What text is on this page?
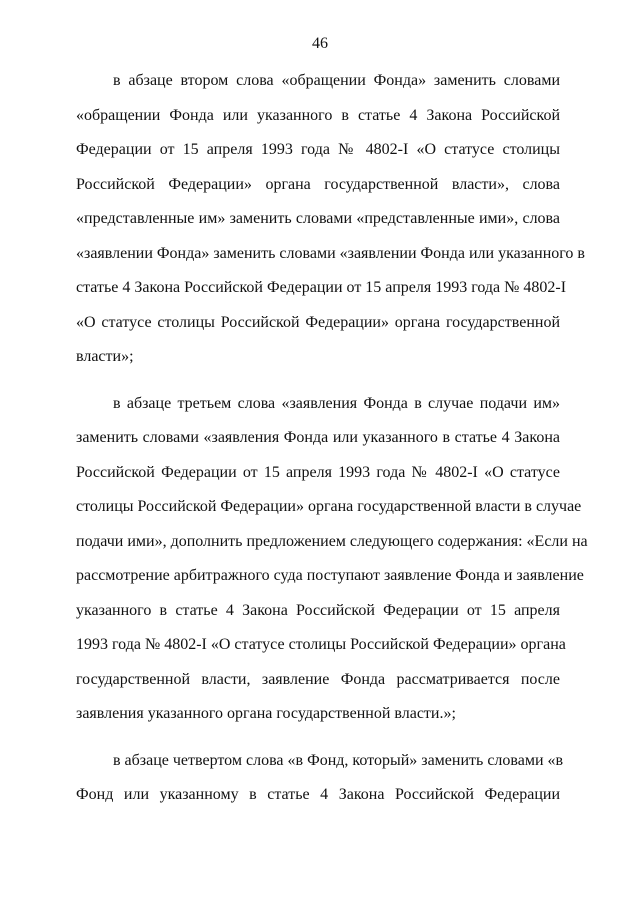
46
в абзаце втором слова «обращении Фонда» заменить словами
«обращении Фонда или указанного в статье 4 Закона Российской
Федерации от 15 апреля 1993 года № 4802-I «О статусе столицы
Российской Федерации» органа государственной власти», слова
«представленные им» заменить словами «представленные ими», слова
«заявлении Фонда» заменить словами «заявлении Фонда или указанного в
статье 4 Закона Российской Федерации от 15 апреля 1993 года № 4802-I
«О статусе столицы Российской Федерации» органа государственной
власти»;
в абзаце третьем слова «заявления Фонда в случае подачи им»
заменить словами «заявления Фонда или указанного в статье 4 Закона
Российской Федерации от 15 апреля 1993 года № 4802-I «О статусе
столицы Российской Федерации» органа государственной власти в случае
подачи ими», дополнить предложением следующего содержания: «Если на
рассмотрение арбитражного суда поступают заявление Фонда и заявление
указанного в статье 4 Закона Российской Федерации от 15 апреля
1993 года № 4802-I «О статусе столицы Российской Федерации» органа
государственной власти, заявление Фонда рассматривается после
заявления указанного органа государственной власти.»;
в абзаце четвертом слова «в Фонд, который» заменить словами «в
Фонд или указанному в статье 4 Закона Российской Федерации
